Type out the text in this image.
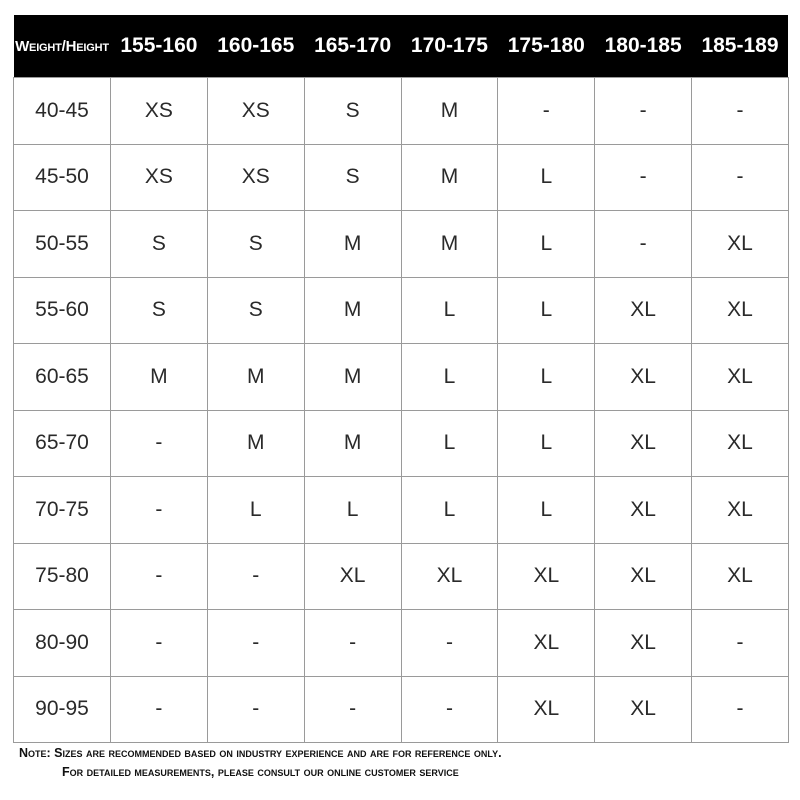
Weight/Height	155-160	160-165	165-170	170-175	175-180	180-185	185-189
40-45	XS	XS	S	M	-	-	-
45-50	XS	XS	S	M	L	-	-
50-55	S	S	M	M	L	-	XL
55-60	S	S	M	L	L	XL	XL
60-65	M	M	M	L	L	XL	XL
65-70	-	M	M	L	L	XL	XL
70-75	-	L	L	L	L	XL	XL
75-80	-	-	XL	XL	XL	XL	XL
80-90	-	-	-	-	XL	XL	-
90-95	-	-	-	-	XL	XL	-
Note: Sizes are recommended based on industry experience and are for reference only.
For detailed measurements, please consult our online customer service
